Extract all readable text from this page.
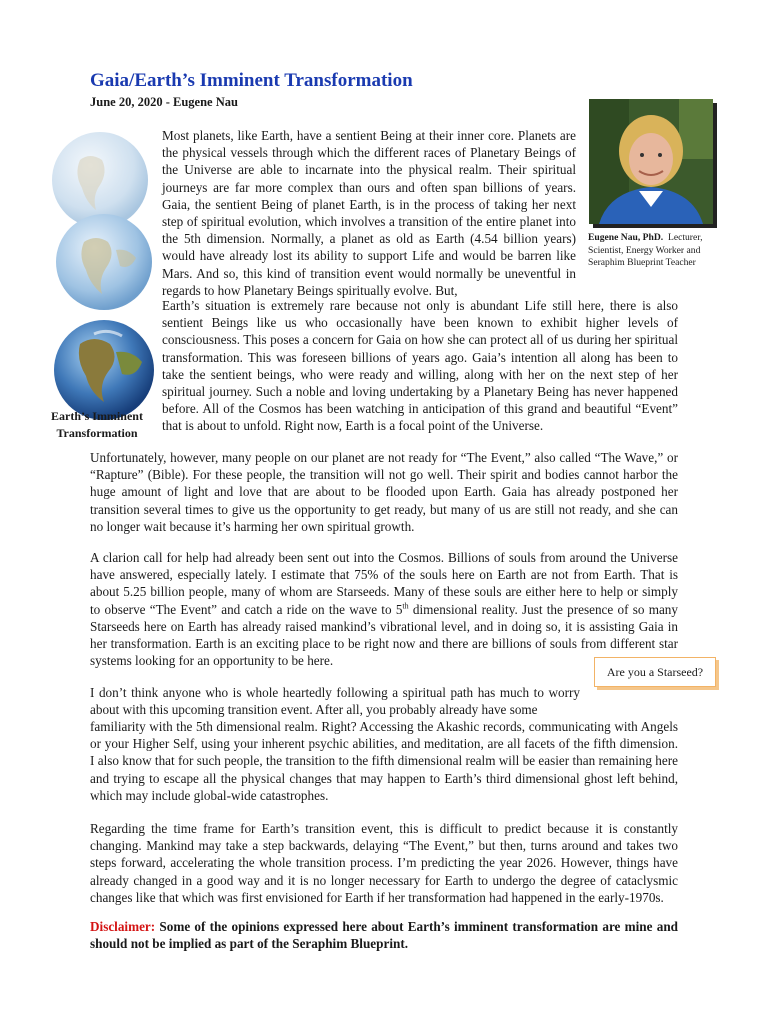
Gaia/Earth’s Imminent Transformation
June 20, 2020 - Eugene Nau
Earth’s Imminent Transformation
Eugene Nau, PhD. Lecturer, Scientist, Energy Worker and Seraphim Blueprint Teacher
Most planets, like Earth, have a sentient Being at their inner core. Planets are the physical vessels through which the different races of Planetary Beings of the Universe are able to incarnate into the physical realm. Their spiritual journeys are far more complex than ours and often span billions of years. Gaia, the sentient Being of planet Earth, is in the process of taking her next step of spiritual evolution, which involves a transition of the entire planet into the 5th dimension. Normally, a planet as old as Earth (4.54 billion years) would have already lost its ability to support Life and would be barren like Mars. And so, this kind of transition event would normally be uneventful in regards to how Planetary Beings spiritually evolve. But,
Earth’s situation is extremely rare because not only is abundant Life still here, there is also sentient Beings like us who occasionally have been known to exhibit higher levels of consciousness. This poses a concern for Gaia on how she can protect all of us during her spiritual transformation. This was foreseen billions of years ago. Gaia’s intention all along has been to take the sentient beings, who were ready and willing, along with her on the next step of her spiritual journey. Such a noble and loving undertaking by a Planetary Being has never happened before. All of the Cosmos has been watching in anticipation of this grand and beautiful “Event” that is about to unfold. Right now, Earth is a focal point of the Universe.
Unfortunately, however, many people on our planet are not ready for “The Event,” also called “The Wave,” or “Rapture” (Bible). For these people, the transition will not go well. Their spirit and bodies cannot harbor the huge amount of light and love that are about to be flooded upon Earth. Gaia has already postponed her transition several times to give us the opportunity to get ready, but many of us are still not ready, and she can no longer wait because it’s harming her own spiritual growth.
A clarion call for help had already been sent out into the Cosmos. Billions of souls from around the Universe have answered, especially lately. I estimate that 75% of the souls here on Earth are not from Earth. That is about 5.25 billion people, many of whom are Starseeds. Many of these souls are either here to help or simply to observe “The Event” and catch a ride on the wave to 5th dimensional reality. Just the presence of so many Starseeds here on Earth has already raised mankind’s vibrational level, and in doing so, it is assisting Gaia in her transformation. Earth is an exciting place to be right now and there are billions of souls from different star systems looking for an opportunity to be here.
Are you a Starseed?
I don’t think anyone who is whole heartedly following a spiritual path has much to worry about with this upcoming transition event. After all, you probably already have some
familiarity with the 5th dimensional realm. Right? Accessing the Akashic records, communicating with Angels or your Higher Self, using your inherent psychic abilities, and meditation, are all facets of the fifth dimension. I also know that for such people, the transition to the fifth dimensional realm will be easier than remaining here and trying to escape all the physical changes that may happen to Earth’s third dimensional ghost left behind, which may include global-wide catastrophes.
Regarding the time frame for Earth’s transition event, this is difficult to predict because it is constantly changing. Mankind may take a step backwards, delaying “The Event,” but then, turns around and takes two steps forward, accelerating the whole transition process. I’m predicting the year 2026. However, things have already changed in a good way and it is no longer necessary for Earth to undergo the degree of cataclysmic changes like that which was first envisioned for Earth if her transformation had happened in the early-1970s.
Disclaimer: Some of the opinions expressed here about Earth’s imminent transformation are mine and should not be implied as part of the Seraphim Blueprint.
